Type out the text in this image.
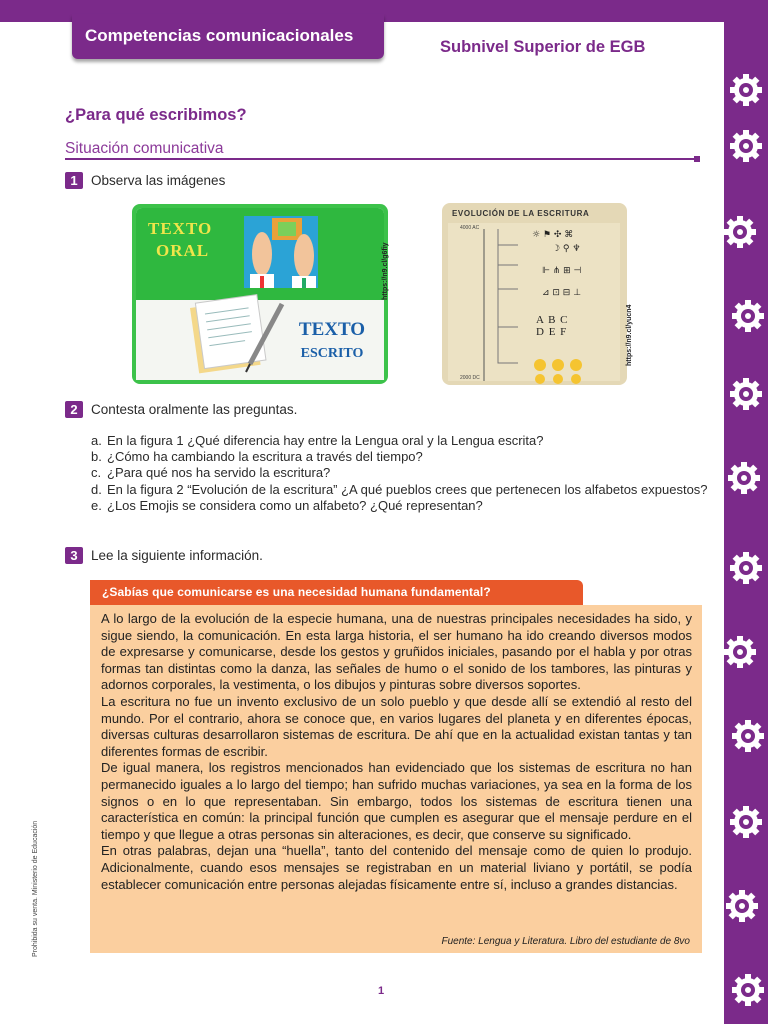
Competencias comunicacionales
Subnivel Superior de EGB
¿Para qué escribimos?
Situación comunicativa
1 Observa las imágenes
TEXTO
ORAL
TEXTO
ESCRITO
https://n9.cl/g6fiy
☼ ⚑ ✣ ⌘
☽ ⚲ ♆
⊩ ⋔ ⊞ ⊣
⊿ ⊡ ⊟ ⊥
EVOLUCIÓN DE LA ESCRITURA
4000 AC
2000 DC
A B C
D E F	https://n9.cl/yucn4
2 Contesta oralmente las preguntas.
a. En la figura 1 ¿Qué diferencia hay entre la Lengua oral y la Lengua escrita?
b. ¿Cómo ha cambiando la escritura a través del tiempo?
c. ¿Para qué nos ha servido la escritura?
d. En la figura 2 “Evolución de la escritura” ¿A qué pueblos crees que pertenecen los alfabetos expuestos?
e. ¿Los Emojis se considera como un alfabeto? ¿Qué representan?
3 Lee la siguiente información.
¿Sabías que comunicarse es una necesidad humana fundamental?

A lo largo de la evolución de la especie humana, una de nuestras principales necesidades ha sido, y sigue siendo, la comunicación. En esta larga historia, el ser humano ha ido creando diversos modos de expresarse y comunicarse, desde los gestos y gruñidos iniciales, pasando por el habla y por otras formas tan distintas como la danza, las señales de humo o el sonido de los tambores, las pinturas y adornos corporales, la vestimenta, o los dibujos y pinturas sobre diversos soportes.

La escritura no fue un invento exclusivo de un solo pueblo y que desde allí se extendió al resto del mundo. Por el contrario, ahora se conoce que, en varios lugares del planeta y en diferentes épocas, diversas culturas desarrollaron sistemas de escritura. De ahí que en la actualidad existan tantas y tan diferentes formas de escribir.

De igual manera, los registros mencionados han evidenciado que los sistemas de escritura no han permanecido iguales a lo largo del tiempo; han sufrido muchas variaciones, ya sea en la forma de los signos o en lo que representaban. Sin embargo, todos los sistemas de escritura tienen una característica en común: la principal función que cumplen es asegurar que el mensaje perdure en el tiempo y que llegue a otras personas sin alteraciones, es decir, que conserve su significado.

En otras palabras, dejan una “huella”, tanto del contenido del mensaje como de quien lo produjo. Adicionalmente, cuando esos mensajes se registraban en un material liviano y portátil, se podía establecer comunicación entre personas alejadas físicamente entre sí, incluso a grandes distancias.

Fuente: Lengua y Literatura. Libro del estudiante de 8vo
Prohibida su venta. Ministerio de Educación
1
